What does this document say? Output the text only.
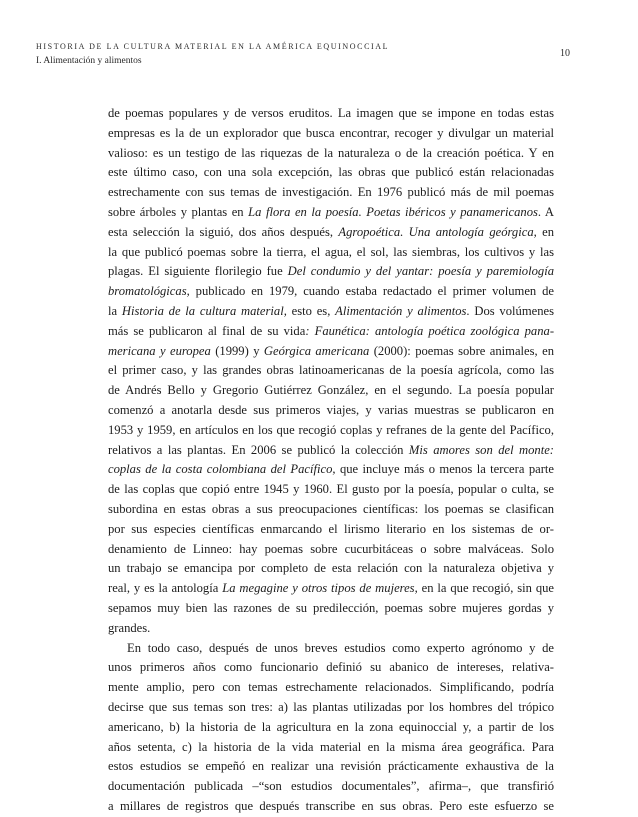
HISTORIA DE LA CULTURA MATERIAL EN LA AMÉRICA EQUINOCCIAL
I. Alimentación y alimentos
10
de poemas populares y de versos eruditos. La imagen que se impone en todas estas
empresas es la de un explorador que busca encontrar, recoger y divulgar un material
valioso: es un testigo de las riquezas de la naturaleza o de la creación poética. Y en
este último caso, con una sola excepción, las obras que publicó están relacionadas
estrechamente con sus temas de investigación. En 1976 publicó más de mil poemas
sobre árboles y plantas en La flora en la poesía. Poetas ibéricos y panamericanos. A
esta selección la siguió, dos años después, Agropoética. Una antología geórgica, en
la que publicó poemas sobre la tierra, el agua, el sol, las siembras, los cultivos y las
plagas. El siguiente florilegio fue Del condumio y del yantar: poesía y paremiología
bromatológicas, publicado en 1979, cuando estaba redactado el primer volumen de
la Historia de la cultura material, esto es, Alimentación y alimentos. Dos volúmenes
más se publicaron al final de su vida: Faunética: antología poética zoológica pana-
mericana y europea (1999) y Geórgica americana (2000): poemas sobre animales, en
el primer caso, y las grandes obras latinoamericanas de la poesía agrícola, como las
de Andrés Bello y Gregorio Gutiérrez González, en el segundo. La poesía popular
comenzó a anotarla desde sus primeros viajes, y varias muestras se publicaron en
1953 y 1959, en artículos en los que recogió coplas y refranes de la gente del Pacífico,
relativos a las plantas. En 2006 se publicó la colección Mis amores son del monte:
coplas de la costa colombiana del Pacífico, que incluye más o menos la tercera parte
de las coplas que copió entre 1945 y 1960. El gusto por la poesía, popular o culta, se
subordina en estas obras a sus preocupaciones científicas: los poemas se clasifican
por sus especies científicas enmarcando el lirismo literario en los sistemas de or-
denamiento de Linneo: hay poemas sobre cucurbitáceas o sobre malváceas. Solo
un trabajo se emancipa por completo de esta relación con la naturaleza objetiva y
real, y es la antología La megagine y otros tipos de mujeres, en la que recogió, sin que
sepamos muy bien las razones de su predilección, poemas sobre mujeres gordas y
grandes.
En todo caso, después de unos breves estudios como experto agrónomo y de
unos primeros años como funcionario definió su abanico de intereses, relativa-
mente amplio, pero con temas estrechamente relacionados. Simplificando, podría
decirse que sus temas son tres: a) las plantas utilizadas por los hombres del trópico
americano, b) la historia de la agricultura en la zona equinoccial y, a partir de los
años setenta, c) la historia de la vida material en la misma área geográfica. Para
estos estudios se empeñó en realizar una revisión prácticamente exhaustiva de la
documentación publicada –“son estudios documentales”, afirma–, que transfirió
a millares de registros que después transcribe en sus obras. Pero este esfuerzo se
